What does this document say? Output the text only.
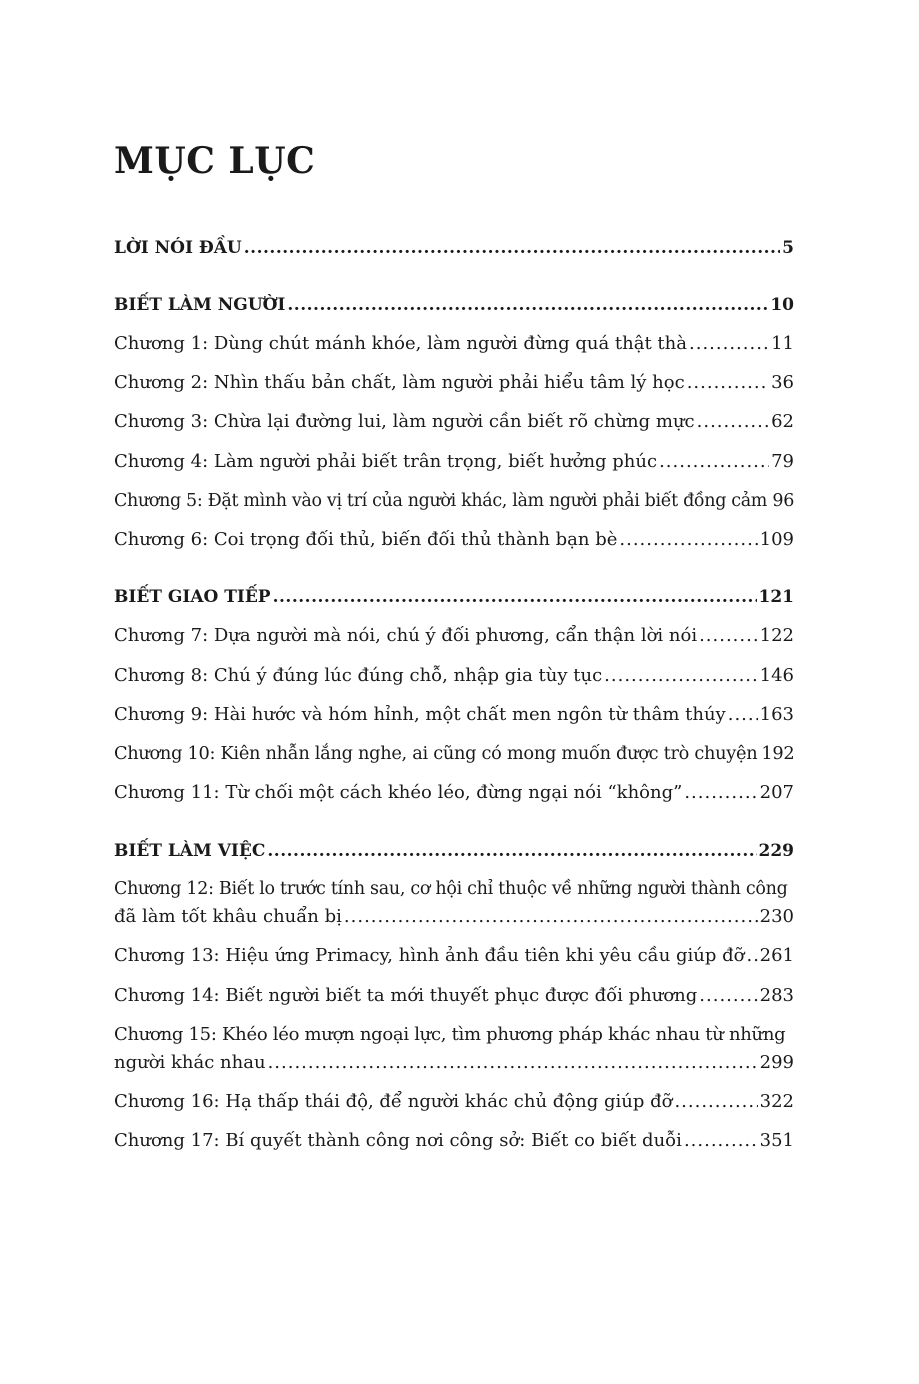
MỤC LỤC
LỜI NÓI ĐẦU .....	5
BIẾT LÀM NGƯỜI .....	10
Chương 1: Dùng chút mánh khóe, làm người đừng quá thật thà .....	11
Chương 2: Nhìn thấu bản chất, làm người phải hiểu tâm lý học .....	36
Chương 3: Chừa lại đường lui, làm người cần biết rõ chừng mực .....	62
Chương 4: Làm người phải biết trân trọng, biết hưởng phúc .....	79
Chương 5: Đặt mình vào vị trí của người khác, làm người phải biết đồng cảm ..... 96
Chương 6: Coi trọng đối thủ, biến đối thủ thành bạn bè .....	109
BIẾT GIAO TIẾP .....	121
Chương 7: Dựa người mà nói, chú ý đối phương, cẩn thận lời nói .....	122
Chương 8: Chú ý đúng lúc đúng chỗ, nhập gia tùy tục .....	146
Chương 9: Hài hước và hóm hỉnh, một chất men ngôn từ thâm thúy ..... 163
Chương 10: Kiên nhẫn lắng nghe, ai cũng có mong muốn được trò chuyện 192
Chương 11: Từ chối một cách khéo léo, đừng ngại nói “không” .....	207
BIẾT LÀM VIỆC .....	229
Chương 12: Biết lo trước tính sau, cơ hội chỉ thuộc về những người thành công
đã làm tốt khâu chuẩn bị .....	230
Chương 13: Hiệu ứng Primacy, hình ảnh đầu tiên khi yêu cầu giúp đỡ ..... 261
Chương 14: Biết người biết ta mới thuyết phục được đối phương .....	283
Chương 15: Khéo léo mượn ngoại lực, tìm phương pháp khác nhau từ những
người khác nhau .....	299
Chương 16: Hạ thấp thái độ, để người khác chủ động giúp đỡ .....	322
Chương 17: Bí quyết thành công nơi công sở: Biết co biết duỗi .....	351
